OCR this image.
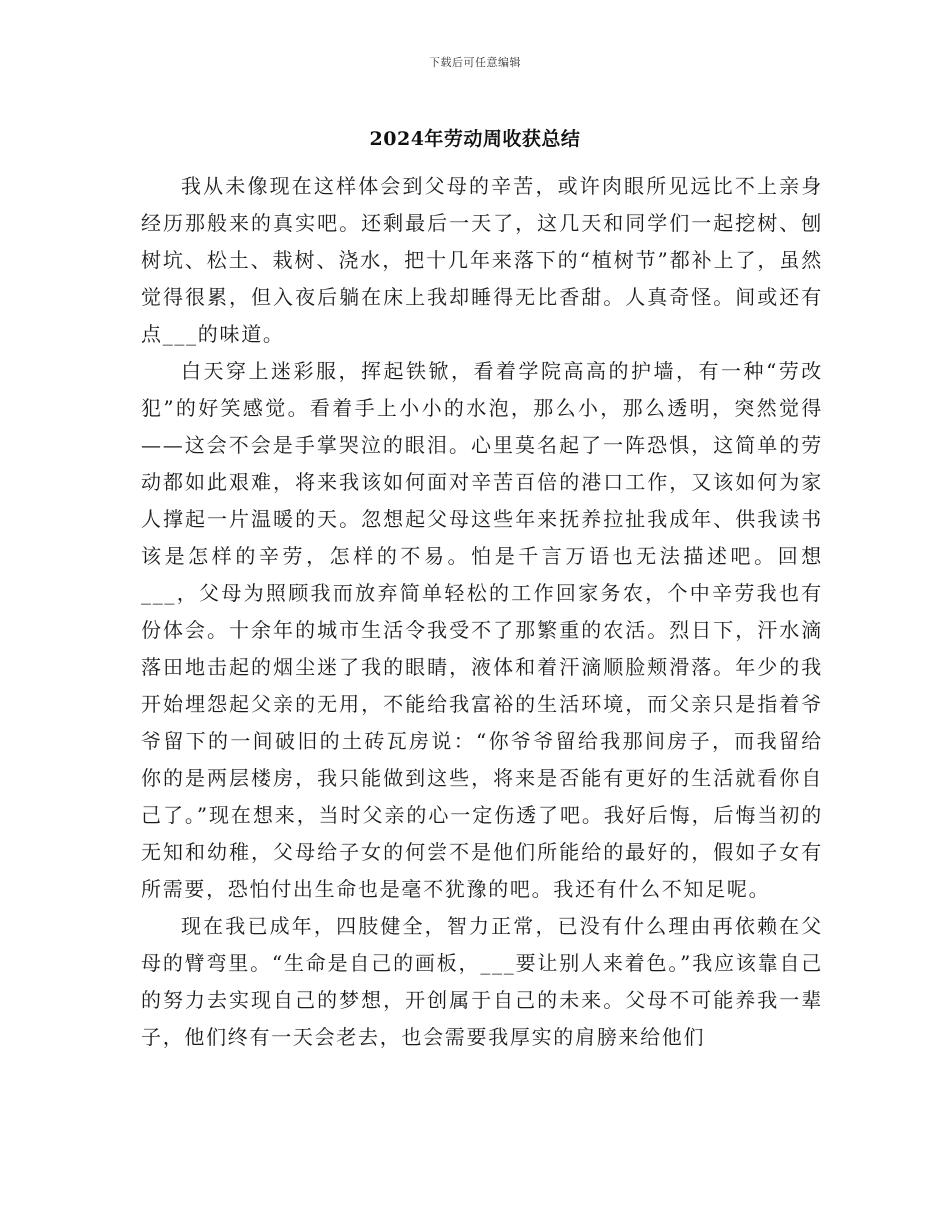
下载后可任意编辑
2024年劳动周收获总结

我从未像现在这样体会到父母的辛苦，或许肉眼所见远比不上亲身经历那般来的真实吧。还剩最后一天了，这几天和同学们一起挖树、刨树坑、松土、栽树、浇水，把十几年来落下的“植树节”都补上了，虽然觉得很累，但入夜后躺在床上我却睡得无比香甜。人真奇怪。间或还有点___的味道。

白天穿上迷彩服，挥起铁锨，看着学院高高的护墙，有一种“劳改犯”的好笑感觉。看着手上小小的水泡，那么小，那么透明，突然觉得——这会不会是手掌哭泣的眼泪。心里莫名起了一阵恐惧，这简单的劳动都如此艰难，将来我该如何面对辛苦百倍的港口工作，又该如何为家人撑起一片温暖的天。忽想起父母这些年来抚养拉扯我成年、供我读书该是怎样的辛劳，怎样的不易。怕是千言万语也无法描述吧。回想___，父母为照顾我而放弃简单轻松的工作回家务农，个中辛劳我也有份体会。十余年的城市生活令我受不了那繁重的农活。烈日下，汗水滴落田地击起的烟尘迷了我的眼睛，液体和着汗滴顺脸颊滑落。年少的我开始埋怨起父亲的无用，不能给我富裕的生活环境，而父亲只是指着爷爷留下的一间破旧的土砖瓦房说：“你爷爷留给我那间房子，而我留给你的是两层楼房，我只能做到这些，将来是否能有更好的生活就看你自己了。”现在想来，当时父亲的心一定伤透了吧。我好后悔，后悔当初的无知和幼稚，父母给子女的何尝不是他们所能给的最好的，假如子女有所需要，恐怕付出生命也是毫不犹豫的吧。我还有什么不知足呢。

现在我已成年，四肢健全，智力正常，已没有什么理由再依赖在父母的臂弯里。“生命是自己的画板，___要让别人来着色。”我应该靠自己的努力去实现自己的梦想，开创属于自己的未来。父母不可能养我一辈子，他们终有一天会老去，也会需要我厚实的肩膀来给他们
